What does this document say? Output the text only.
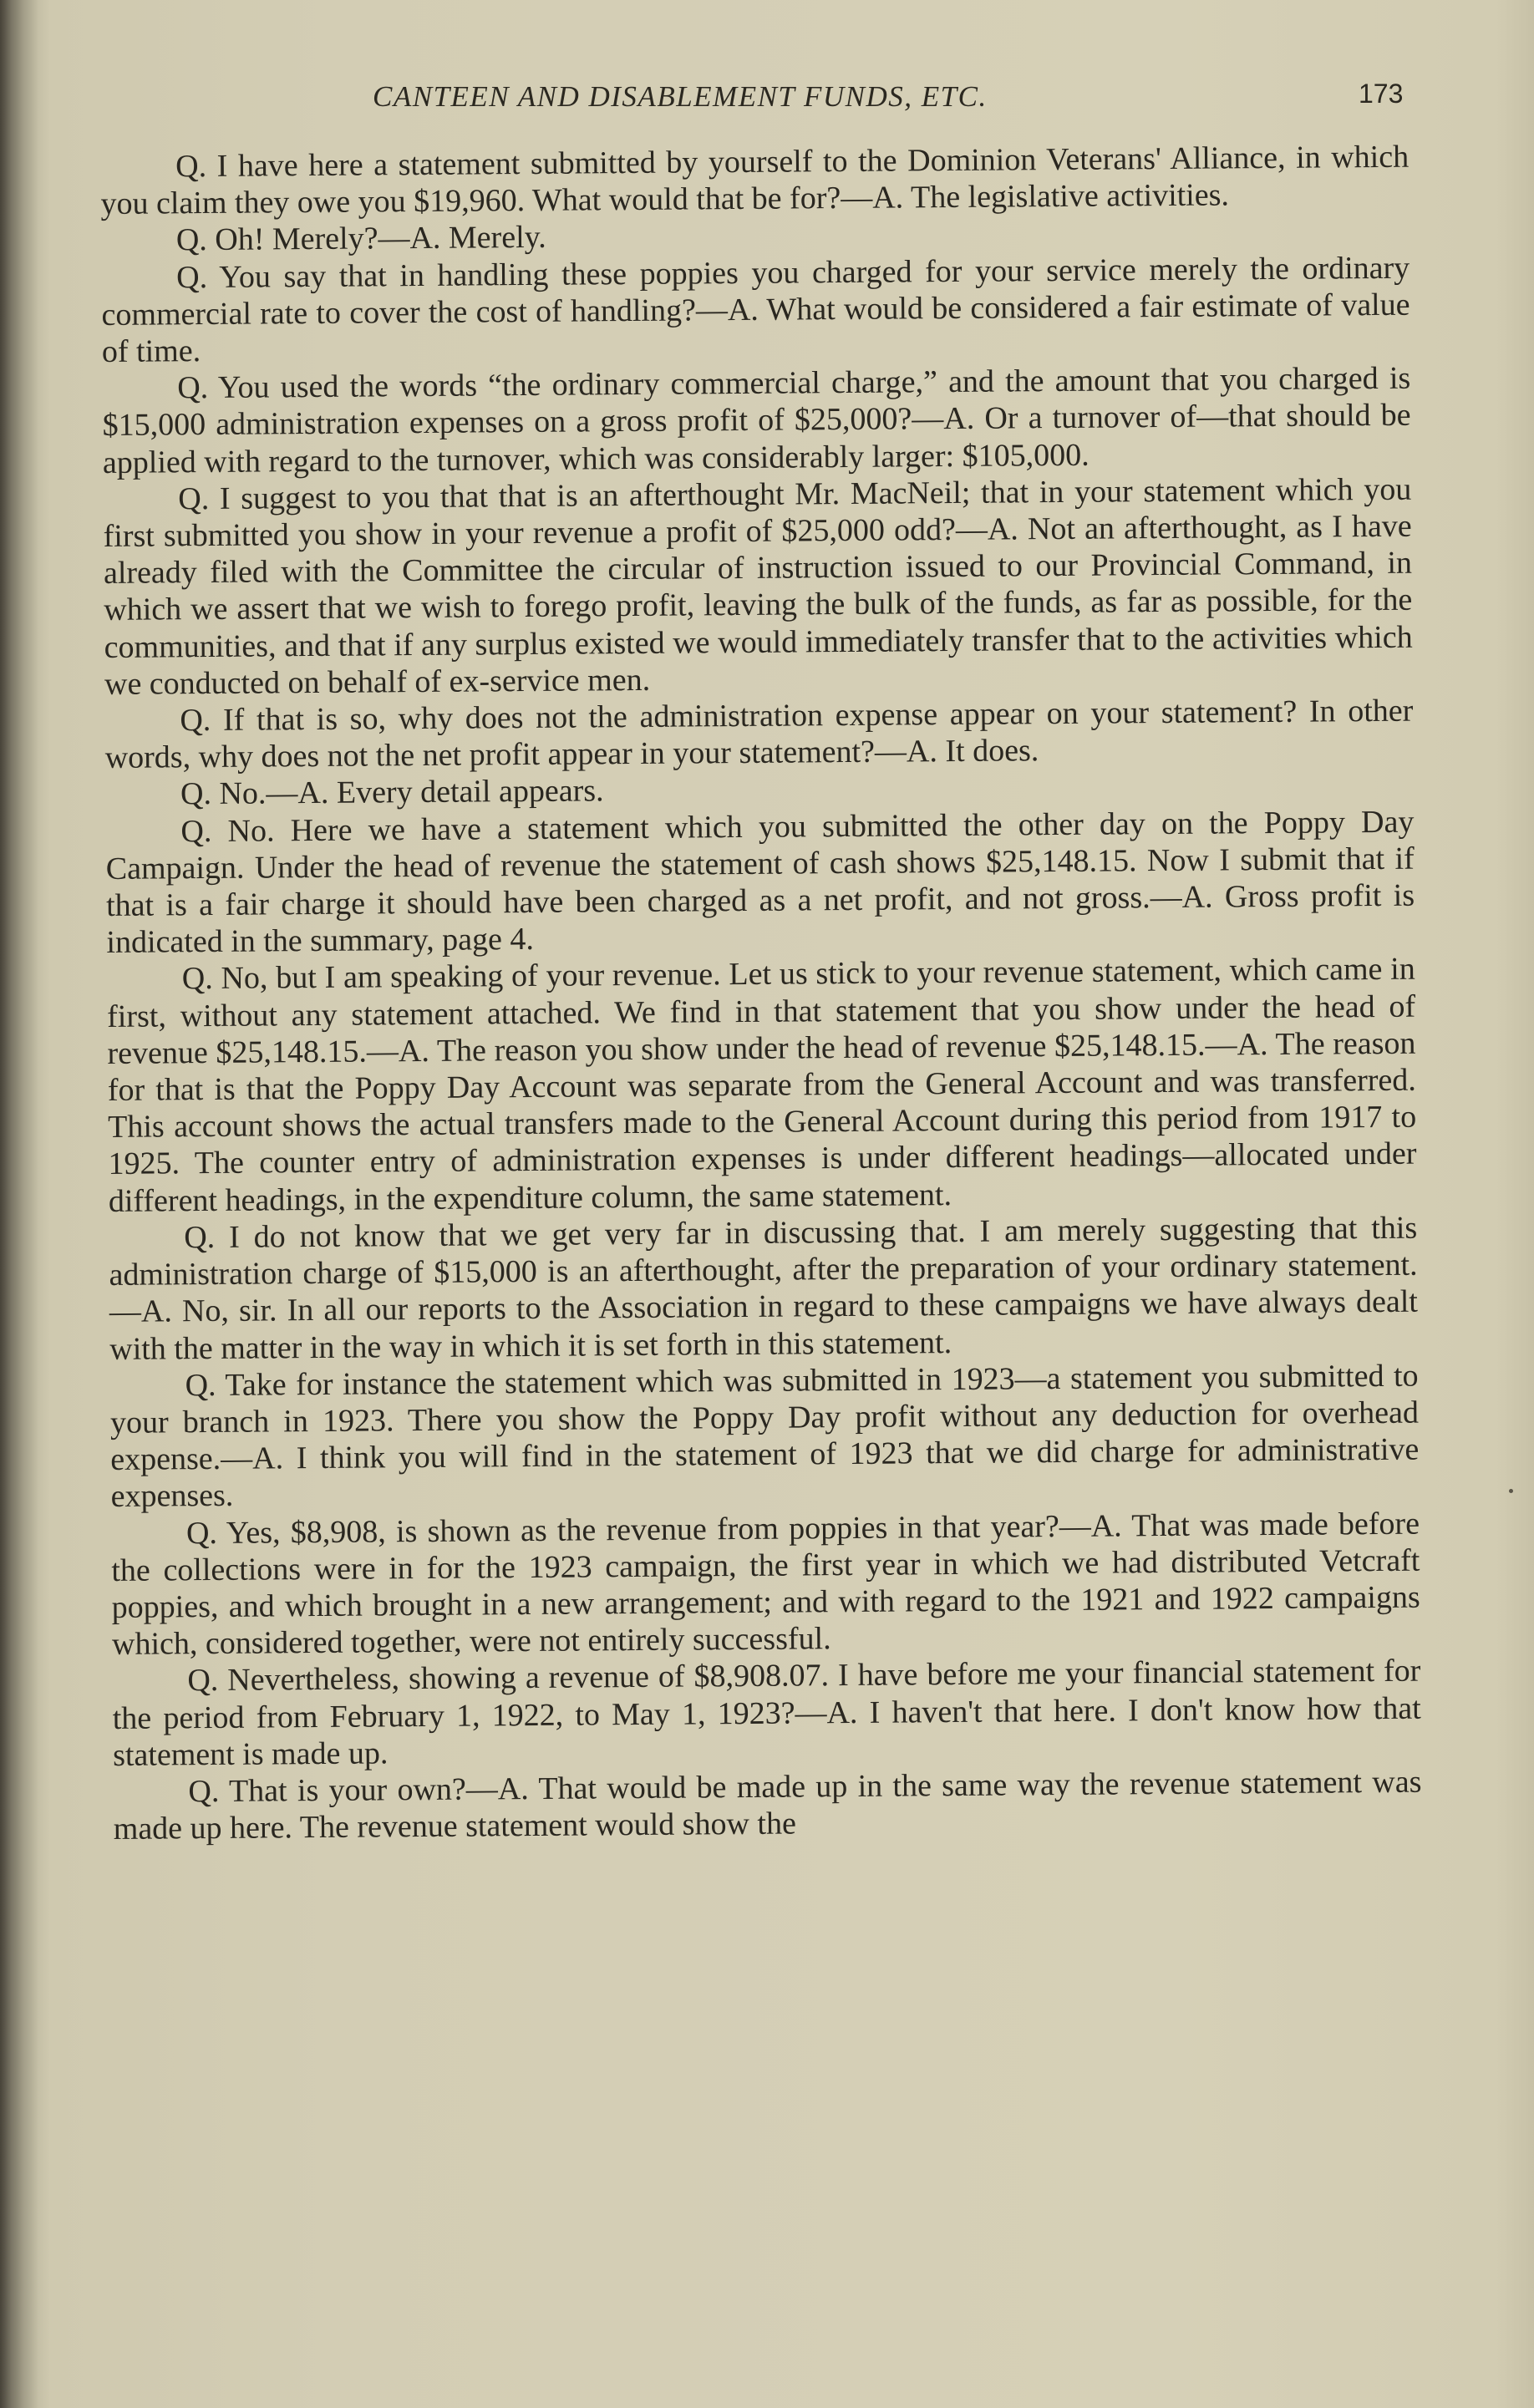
CANTEEN AND DISABLEMENT FUNDS, ETC.	173

Q. I have here a statement submitted by yourself to the Dominion Veterans' Alliance, in which you claim they owe you $19,960. What would that be for?—A. The legislative activities.

Q. Oh! Merely?—A. Merely.

Q. You say that in handling these poppies you charged for your service merely the ordinary commercial rate to cover the cost of handling?—A. What would be considered a fair estimate of value of time.

Q. You used the words “the ordinary commercial charge,” and the amount that you charged is $15,000 administration expenses on a gross profit of $25,000?—A. Or a turnover of—that should be applied with regard to the turnover, which was considerably larger: $105,000.

Q. I suggest to you that that is an afterthought Mr. MacNeil; that in your statement which you first submitted you show in your revenue a profit of $25,000 odd?—A. Not an afterthought, as I have already filed with the Committee the circular of instruction issued to our Provincial Command, in which we assert that we wish to forego profit, leaving the bulk of the funds, as far as possible, for the communities, and that if any surplus existed we would immediately transfer that to the activities which we conducted on behalf of ex-service men.

Q. If that is so, why does not the administration expense appear on your statement? In other words, why does not the net profit appear in your statement?—A. It does.

Q. No.—A. Every detail appears.

Q. No. Here we have a statement which you submitted the other day on the Poppy Day Campaign. Under the head of revenue the statement of cash shows $25,148.15. Now I submit that if that is a fair charge it should have been charged as a net profit, and not gross.—A. Gross profit is indicated in the summary, page 4.

Q. No, but I am speaking of your revenue. Let us stick to your revenue statement, which came in first, without any statement attached. We find in that statement that you show under the head of revenue $25,148.15.—A. The reason you show under the head of revenue $25,148.15.—A. The reason for that is that the Poppy Day Account was separate from the General Account and was transferred. This account shows the actual transfers made to the General Account during this period from 1917 to 1925. The counter entry of administration expenses is under different headings—allocated under different headings, in the expenditure column, the same statement.

Q. I do not know that we get very far in discussing that. I am merely suggesting that this administration charge of $15,000 is an afterthought, after the preparation of your ordinary statement.—A. No, sir. In all our reports to the Association in regard to these campaigns we have always dealt with the matter in the way in which it is set forth in this statement.

Q. Take for instance the statement which was submitted in 1923—a statement you submitted to your branch in 1923. There you show the Poppy Day profit without any deduction for overhead expense.—A. I think you will find in the statement of 1923 that we did charge for administrative expenses.

Q. Yes, $8,908, is shown as the revenue from poppies in that year?—A. That was made before the collections were in for the 1923 campaign, the first year in which we had distributed Vetcraft poppies, and which brought in a new arrangement; and with regard to the 1921 and 1922 campaigns which, considered together, were not entirely successful.

Q. Nevertheless, showing a revenue of $8,908.07. I have before me your financial statement for the period from February 1, 1922, to May 1, 1923?—A. I haven't that here. I don't know how that statement is made up.

Q. That is your own?—A. That would be made up in the same way the revenue statement was made up here. The revenue statement would show the
